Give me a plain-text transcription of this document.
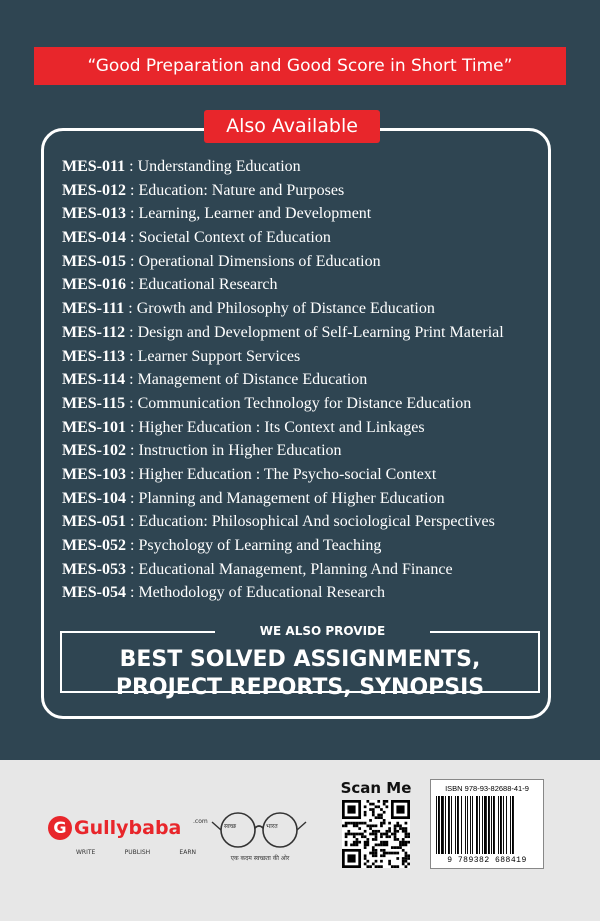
“Good Preparation and Good Score in Short Time”
Also Available
MES-011 : Understanding Education
MES-012 : Education: Nature and Purposes
MES-013 : Learning, Learner and Development
MES-014 : Societal Context of Education
MES-015 : Operational Dimensions of Education
MES-016 : Educational Research
MES-111 : Growth and Philosophy of Distance Education
MES-112 : Design and Development of Self-Learning Print Material
MES-113 : Learner Support Services
MES-114 : Management of Distance Education
MES-115 : Communication Technology for Distance Education
MES-101 : Higher Education : Its Context and Linkages
MES-102 : Instruction in Higher Education
MES-103 : Higher Education : The Psycho-social Context
MES-104 : Planning and Management of Higher Education
MES-051 : Education: Philosophical And sociological Perspectives
MES-052 : Psychology of Learning and Teaching
MES-053 : Educational Management, Planning And Finance
MES-054 : Methodology of Educational Research
WE ALSO PROVIDE
BEST SOLVED ASSIGNMENTS,
PROJECT REPORTS, SYNOPSIS
G Gullybaba .com
WRITE	PUBLISH	EARN
स्वच्छ	भारत
एक कदम स्वच्छता की ओर
Scan Me	ISBN 978-93-82688-41-9
9 789382 688419
